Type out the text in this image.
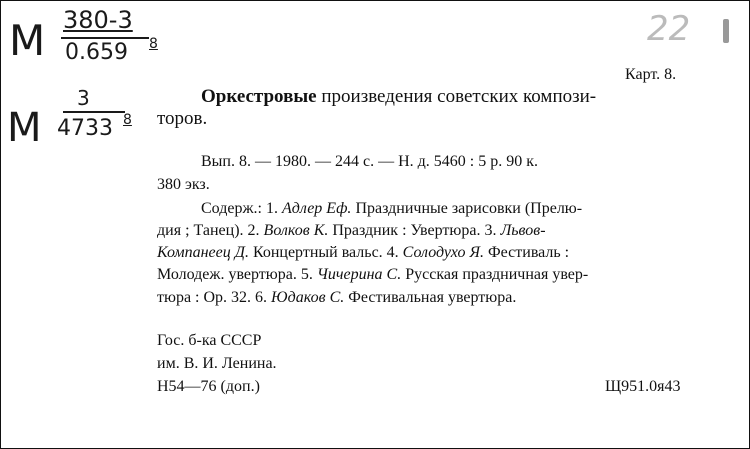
М 380-3
0.659 8
М
3
4733 8
22
Карт. 8.
Оркестровые произведения советских компози-
торов.
Вып. 8. — 1980. — 244 с. — Н. д. 5460 : 5 р. 90 к.
380 экз.
Содерж.: 1. Адлер Еф. Праздничные зарисовки (Прелю-
дия ; Танец). 2. Волков К. Праздник : Увертюра. 3. Львов-
Компанеец Д. Концертный вальс. 4. Солодухо Я. Фестиваль :
Молодеж. увертюра. 5. Чичерина С. Русская праздничная увер-
тюра : Ор. 32. 6. Юдаков С. Фестивальная увертюра.
Гос. б-ка СССР
им. В. И. Ленина.
Н54—76 (доп.)	Щ951.0я43
